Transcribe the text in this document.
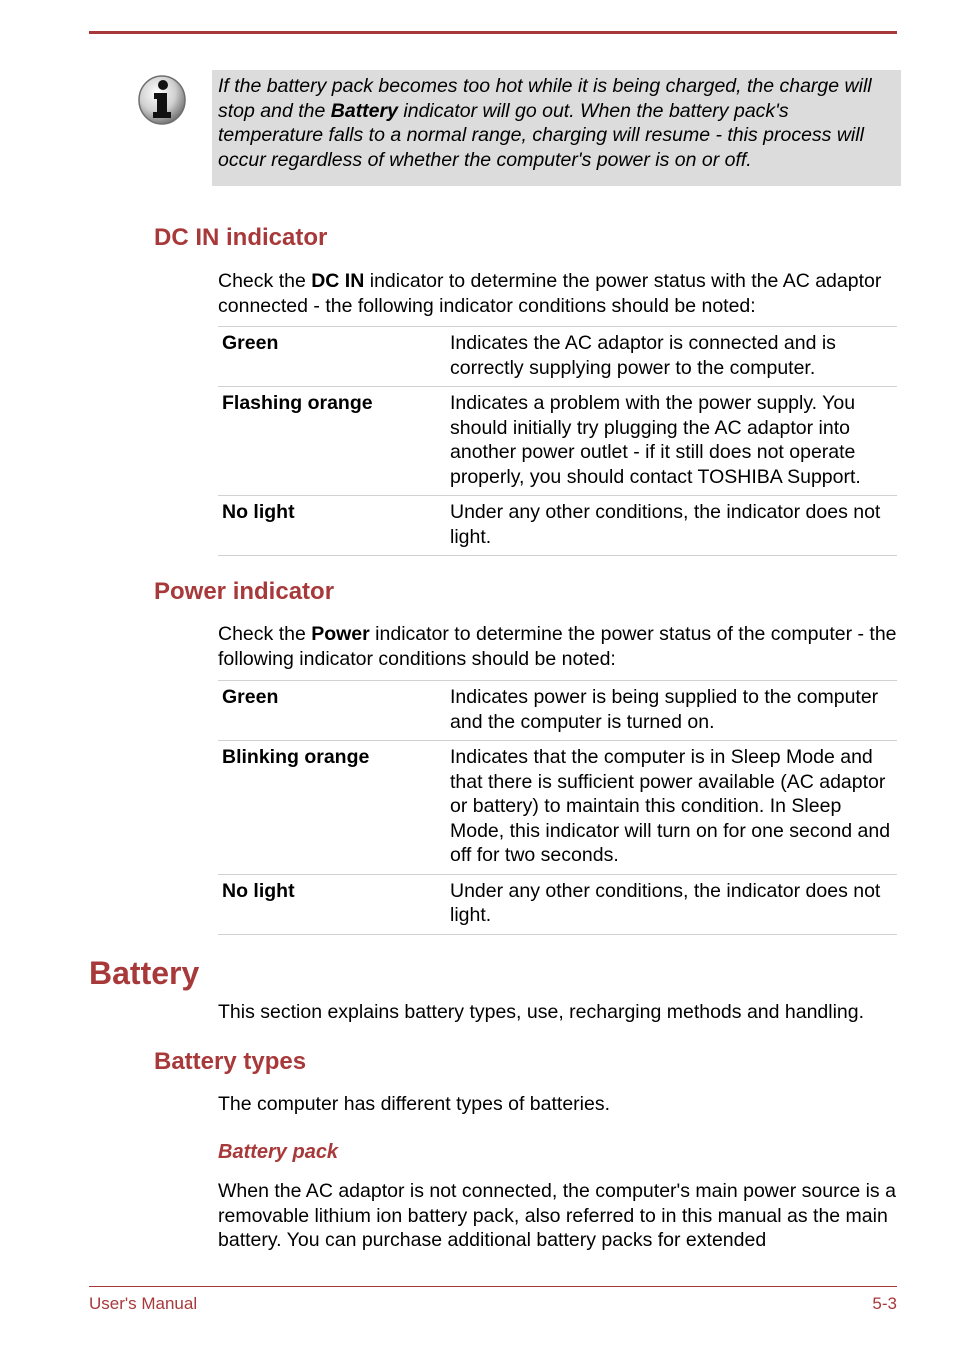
If the battery pack becomes too hot while it is being charged, the charge will stop and the Battery indicator will go out. When the battery pack's temperature falls to a normal range, charging will resume - this process will occur regardless of whether the computer's power is on or off.
DC IN indicator
Check the DC IN indicator to determine the power status with the AC adaptor connected - the following indicator conditions should be noted:
Green	Indicates the AC adaptor is connected and is correctly supplying power to the computer.
Flashing orange	Indicates a problem with the power supply. You should initially try plugging the AC adaptor into another power outlet - if it still does not operate properly, you should contact TOSHIBA Support.
No light	Under any other conditions, the indicator does not light.
Power indicator
Check the Power indicator to determine the power status of the computer - the following indicator conditions should be noted:
Green	Indicates power is being supplied to the computer and the computer is turned on.
Blinking orange	Indicates that the computer is in Sleep Mode and that there is sufficient power available (AC adaptor or battery) to maintain this condition. In Sleep Mode, this indicator will turn on for one second and off for two seconds.
No light	Under any other conditions, the indicator does not light.
Battery
This section explains battery types, use, recharging methods and handling.
Battery types
The computer has different types of batteries.
Battery pack
When the AC adaptor is not connected, the computer's main power source is a removable lithium ion battery pack, also referred to in this manual as the main battery. You can purchase additional battery packs for extended
User's Manual	5-3
